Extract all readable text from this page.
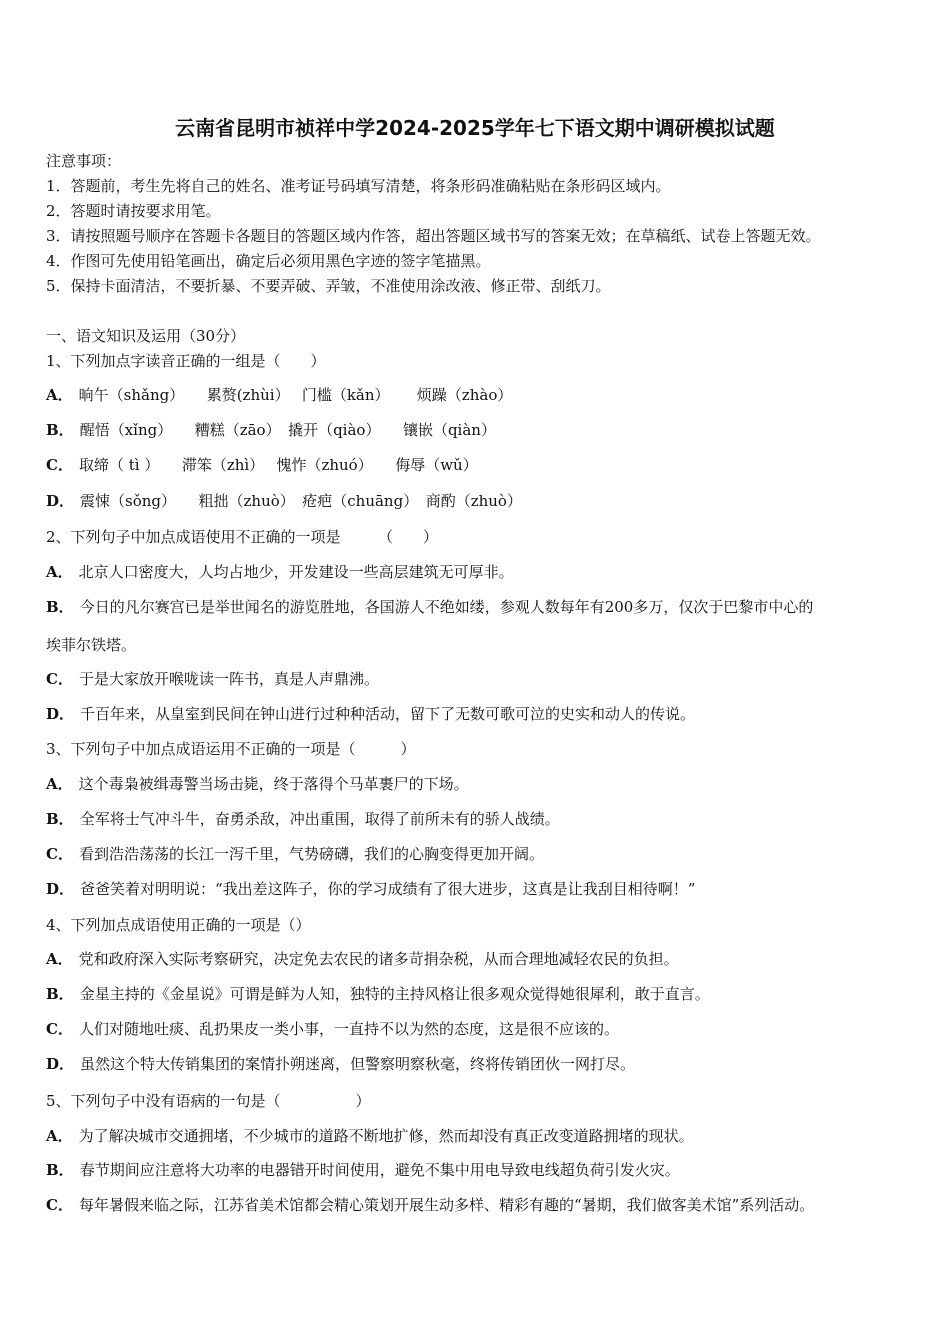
云南省昆明市祯祥中学2024-2025学年七下语文期中调研模拟试题
注意事项：
1．答题前，考生先将自己的姓名、准考证号码填写清楚，将条形码准确粘贴在条形码区域内。
2．答题时请按要求用笔。
3．请按照题号顺序在答题卡各题目的答题区域内作答，超出答题区域书写的答案无效；在草稿纸、试卷上答题无效。
4．作图可先使用铅笔画出，确定后必须用黑色字迹的签字笔描黑。
5．保持卡面清洁，不要折暴、不要弄破、弄皱，不准使用涂改液、修正带、刮纸刀。
一、语文知识及运用（30分）
1、下列加点字读音正确的一组是（　　）
A． 晌午（shǎng）　　累赘(zhùi）　 门槛（kǎn）　　 烦躁（zhào）
B． 醒悟（xǐng）　　糟糕（zāo）　撬开（qiào）　　镶嵌（qiàn）
C． 取缔（ tì ）　　滞笨（zhì）　 愧怍（zhuó）　　侮辱（wǔ）
D． 震悚（sǒng）　　粗拙（zhuò）　疮疤（chuāng）　商酌（zhuò）
2、下列句子中加点成语使用不正确的一项是　　　（　　）
A． 北京人口密度大，人均占地少，开发建设一些高层建筑无可厚非。
B． 今日的凡尔赛宫已是举世闻名的游览胜地，各国游人不绝如缕，参观人数每年有200多万，仅次于巴黎市中心的
埃菲尔铁塔。
C． 于是大家放开喉咙读一阵书，真是人声鼎沸。
D． 千百年来，从皇室到民间在钟山进行过种种活动，留下了无数可歌可泣的史实和动人的传说。
3、下列句子中加点成语运用不正确的一项是（　　　）
A． 这个毒枭被缉毒警当场击毙，终于落得个马革裹尸的下场。
B． 全军将士气冲斗牛，奋勇杀敌，冲出重围，取得了前所未有的骄人战绩。
C． 看到浩浩荡荡的长江一泻千里，气势磅礴，我们的心胸变得更加开阔。
D． 爸爸笑着对明明说：“我出差这阵子，你的学习成绩有了很大进步，这真是让我刮目相待啊！”
4、下列加点成语使用正确的一项是（）
A． 党和政府深入实际考察研究，决定免去农民的诸多苛捐杂税，从而合理地减轻农民的负担。
B． 金星主持的《金星说》可谓是鲜为人知，独特的主持风格让很多观众觉得她很犀利，敢于直言。
C． 人们对随地吐痰、乱扔果皮一类小事，一直持不以为然的态度，这是很不应该的。
D． 虽然这个特大传销集团的案情扑朔迷离，但警察明察秋毫，终将传销团伙一网打尽。
5、下列句子中没有语病的一句是（　　　　　）
A． 为了解决城市交通拥堵，不少城市的道路不断地扩修，然而却没有真正改变道路拥堵的现状。
B． 春节期间应注意将大功率的电器错开时间使用，避免不集中用电导致电线超负荷引发火灾。
C． 每年暑假来临之际，江苏省美术馆都会精心策划开展生动多样、精彩有趣的“暑期，我们做客美术馆”系列活动。
